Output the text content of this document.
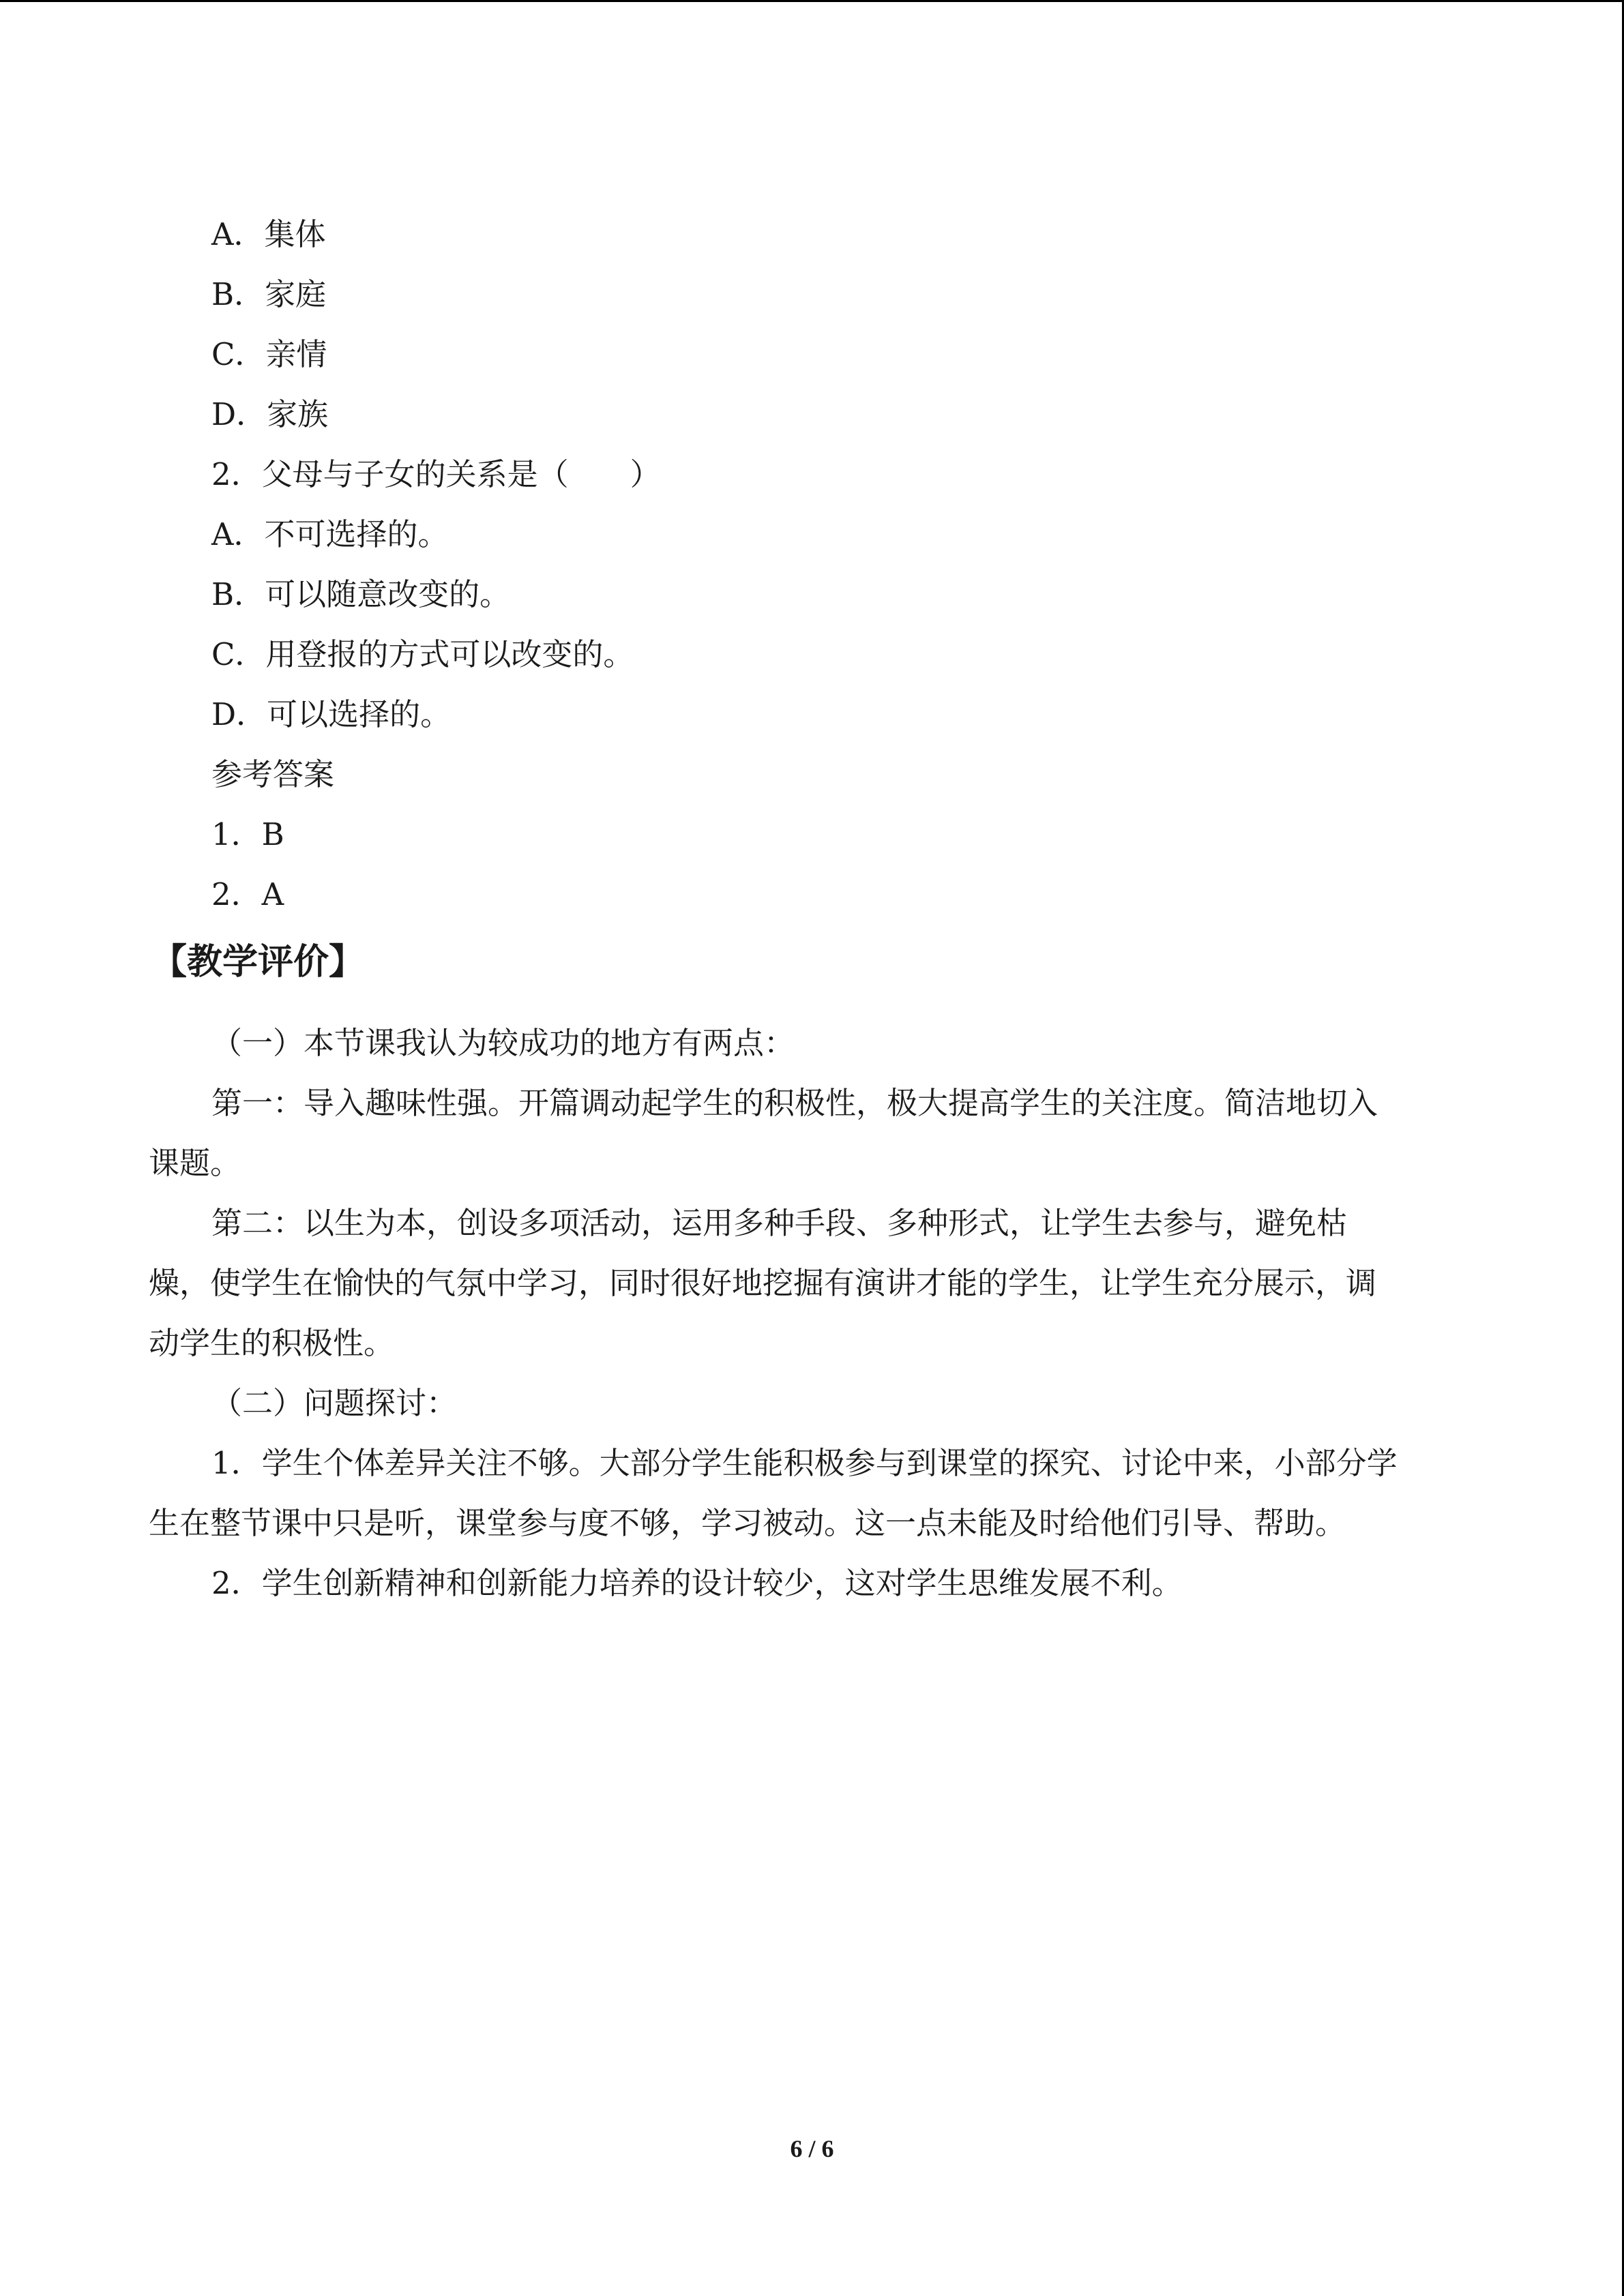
A．集体
B．家庭
C．亲情
D．家族
2．父母与子女的关系是（　　）
A．不可选择的。
B．可以随意改变的。
C．用登报的方式可以改变的。
D．可以选择的。
参考答案
1．B
2．A
【教学评价】
（一）本节课我认为较成功的地方有两点：
第一：导入趣味性强。开篇调动起学生的积极性，极大提高学生的关注度。简洁地切入
课题。
第二：以生为本，创设多项活动，运用多种手段、多种形式，让学生去参与，避免枯
燥，使学生在愉快的气氛中学习，同时很好地挖掘有演讲才能的学生，让学生充分展示，调
动学生的积极性。
（二）问题探讨：
1．学生个体差异关注不够。大部分学生能积极参与到课堂的探究、讨论中来，小部分学
生在整节课中只是听，课堂参与度不够，学习被动。这一点未能及时给他们引导、帮助。
2．学生创新精神和创新能力培养的设计较少，这对学生思维发展不利。
6 / 6
